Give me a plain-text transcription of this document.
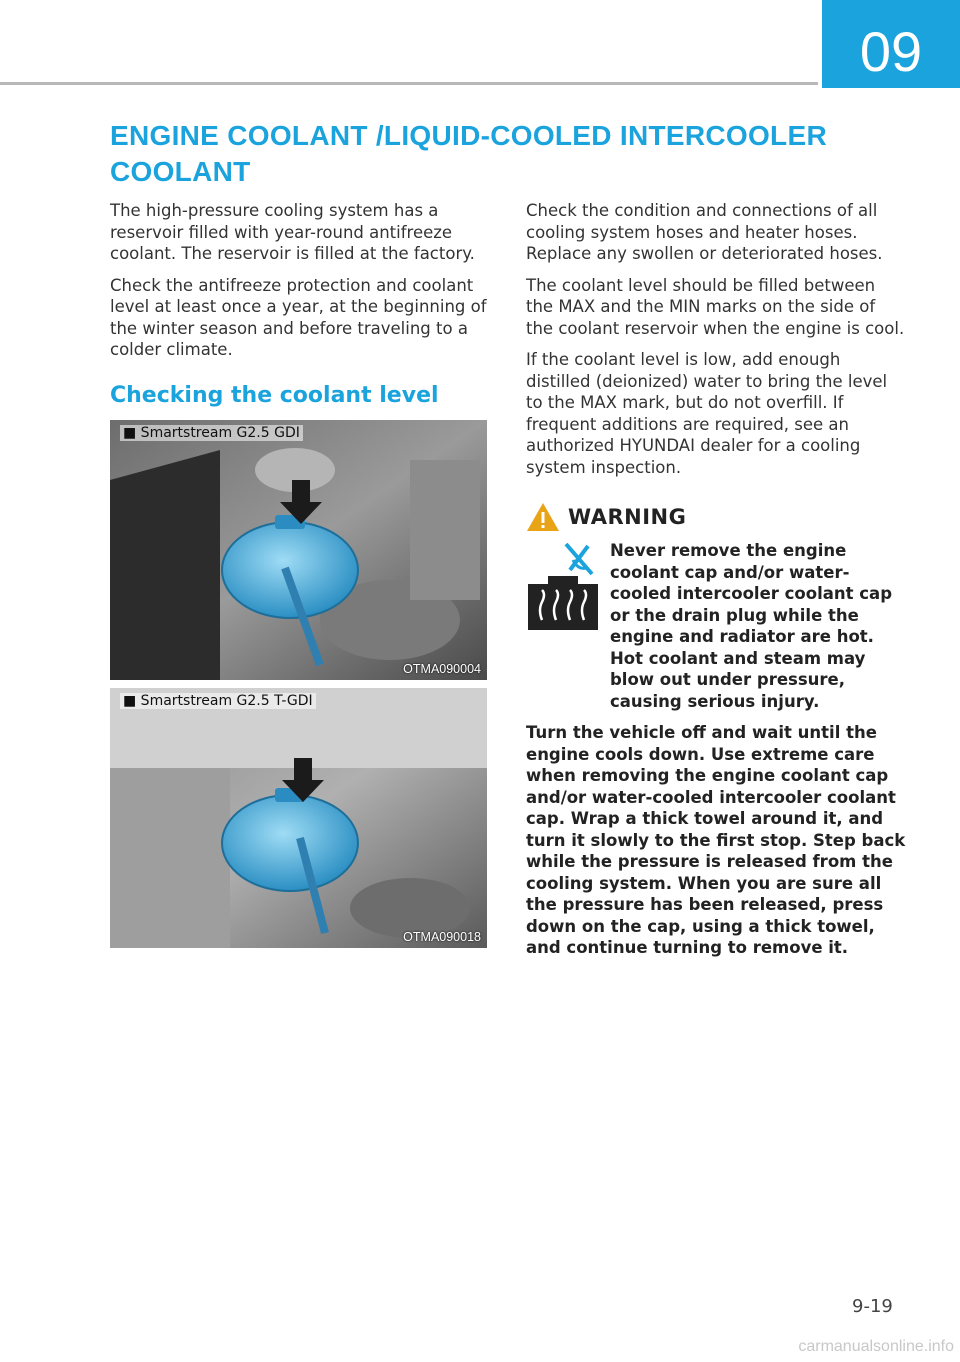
09
ENGINE COOLANT /LIQUID-COOLED INTERCOOLER COOLANT

The high-pressure cooling system has a reservoir filled with year-round antifreeze coolant. The reservoir is filled at the factory.

Check the antifreeze protection and coolant level at least once a year, at the beginning of the winter season and before traveling to a colder climate.

Checking the coolant level
■ Smartstream G2.5 GDI
OTMA090004
■ Smartstream G2.5 T-GDI
OTMA090018

Check the condition and connections of all cooling system hoses and heater hoses. Replace any swollen or deteriorated hoses.

The coolant level should be filled between the MAX and the MIN marks on the side of the coolant reservoir when the engine is cool.

If the coolant level is low, add enough distilled (deionized) water to bring the level to the MAX mark, but do not overfill. If frequent additions are required, see an authorized HYUNDAI dealer for a cooling system inspection.

WARNING

Never remove the engine coolant cap and/or water-cooled intercooler coolant cap or the drain plug while the engine and radiator are hot. Hot coolant and steam may blow out under pressure, causing serious injury.

Turn the vehicle off and wait until the engine cools down. Use extreme care when removing the engine coolant cap and/or water-cooled intercooler coolant cap. Wrap a thick towel around it, and turn it slowly to the first stop. Step back while the pressure is released from the cooling system. When you are sure all the pressure has been released, press down on the cap, using a thick towel, and continue turning to remove it.

9-19
carmanualsonline.info
